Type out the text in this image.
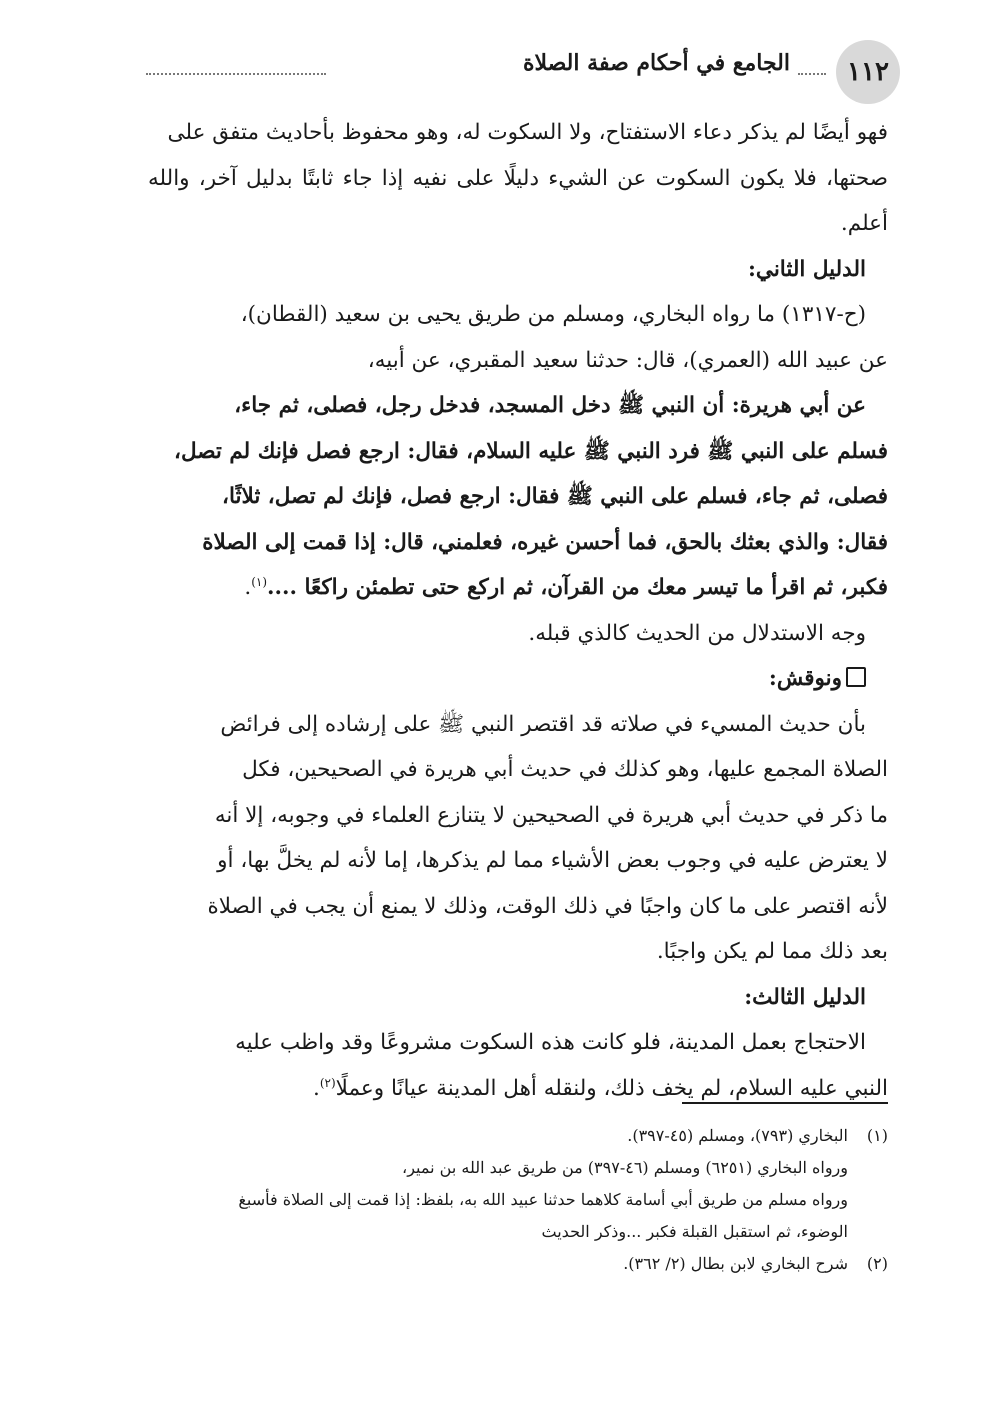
١١٢
الجامع في أحكام صفة الصلاة

فهو أيضًا لم يذكر دعاء الاستفتاح، ولا السكوت له، وهو محفوظ بأحاديث متفق على

صحتها، فلا يكون السكوت عن الشيء دليلًا على نفيه إذا جاء ثابتًا بدليل آخر، والله أعلم.

الدليل الثاني:

(ح-١٣١٧) ما رواه البخاري، ومسلم من طريق يحيى بن سعيد (القطان)،

عن عبيد الله (العمري)، قال: حدثنا سعيد المقبري، عن أبيه،

عن أبي هريرة: أن النبي ﷺ دخل المسجد، فدخل رجل، فصلى، ثم جاء،

فسلم على النبي ﷺ فرد النبي ﷺ عليه السلام، فقال: ارجع فصل فإنك لم تصل،

فصلى، ثم جاء، فسلم على النبي ﷺ فقال: ارجع فصل، فإنك لم تصل، ثلاثًا،

فقال: والذي بعثك بالحق، فما أحسن غيره، فعلمني، قال: إذا قمت إلى الصلاة

فكبر، ثم اقرأ ما تيسر معك من القرآن، ثم اركع حتى تطمئن راكعًا ....$^{(١)}$.

وجه الاستدلال من الحديث كالذي قبله.

ونوقش:

بأن حديث المسيء في صلاته قد اقتصر النبي ﷺ على إرشاده إلى فرائض

الصلاة المجمع عليها، وهو كذلك في حديث أبي هريرة في الصحيحين، فكل

ما ذكر في حديث أبي هريرة في الصحيحين لا يتنازع العلماء في وجوبه، إلا أنه

لا يعترض عليه في وجوب بعض الأشياء مما لم يذكرها، إما لأنه لم يخلَّ بها، أو

لأنه اقتصر على ما كان واجبًا في ذلك الوقت، وذلك لا يمنع أن يجب في الصلاة

بعد ذلك مما لم يكن واجبًا.

الدليل الثالث:

الاحتجاج بعمل المدينة، فلو كانت هذه السكوت مشروعًا وقد واظب عليه

النبي عليه السلام، لم يخف ذلك، ولنقله أهل المدينة عيانًا وعملًا$^{(٢)}$.

(١)البخاري (٧٩٣)، ومسلم (٤٥-٣٩٧).

ورواه البخاري (٦٢٥١) ومسلم (٤٦-٣٩٧) من طريق عبد الله بن نمير،

ورواه مسلم من طريق أبي أسامة كلاهما حدثنا عبيد الله به، بلفظ: إذا قمت إلى الصلاة فأسبغ

الوضوء، ثم استقبل القبلة فكبر ...وذكر الحديث

(٢)شرح البخاري لابن بطال (٢/ ٣٦٢).
